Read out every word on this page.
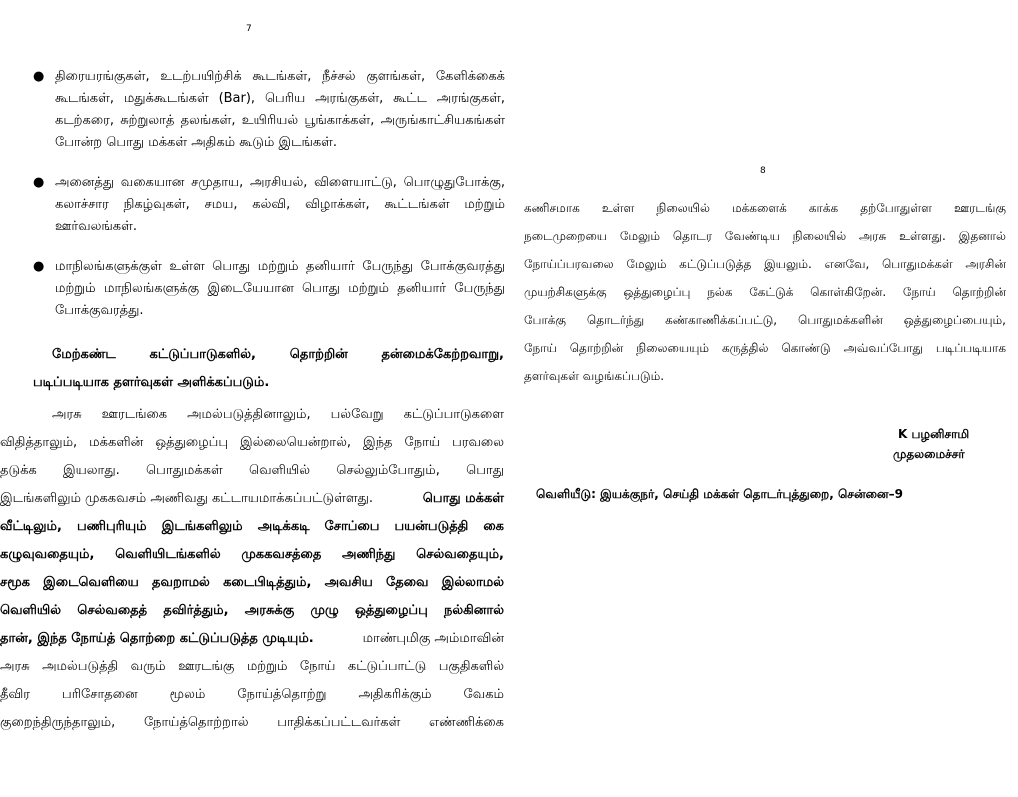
7
● திரையரங்குகள், உடற்பயிற்சிக் கூடங்கள், நீச்சல் குளங்கள், கேளிக்கைக் கூடங்கள், மதுக்கூடங்கள் (Bar), பெரிய அரங்குகள், கூட்ட அரங்குகள், கடற்கரை, சுற்றுலாத் தலங்கள், உயிரியல் பூங்காக்கள், அருங்காட்சியகங்கள் போன்ற பொது மக்கள் அதிகம் கூடும் இடங்கள்.
● அனைத்து வகையான சமுதாய, அரசியல், விளையாட்டு, பொழுதுபோக்கு, கலாச்சார நிகழ்வுகள், சமய, கல்வி, விழாக்கள், கூட்டங்கள் மற்றும் ஊர்வலங்கள்.
● மாநிலங்களுக்குள் உள்ள பொது மற்றும் தனியார் பேருந்து போக்குவரத்து மற்றும் மாநிலங்களுக்கு இடையேயான பொது மற்றும் தனியார் பேருந்து போக்குவரத்து.
மேற்கண்ட கட்டுப்பாடுகளில், தொற்றின் தன்மைக்கேற்றவாறு,
படிப்படியாக தளர்வுகள் அளிக்கப்படும்.
அரசு ஊரடங்கை அமல்படுத்தினாலும், பல்வேறு கட்டுப்பாடுகளை
விதித்தாலும், மக்களின் ஒத்துழைப்பு இல்லையென்றால், இந்த நோய் பரவலை
தடுக்க இயலாது. பொதுமக்கள் வெளியில் செல்லும்போதும், பொது
இடங்களிலும் முககவசம் அணிவது கட்டாயமாக்கப்பட்டுள்ளது.	பொது மக்கள்
வீட்டிலும், பணிபுரியும் இடங்களிலும் அடிக்கடி சோப்பை பயன்படுத்தி கை
கழுவுவதையும், வெளியிடங்களில் முககவசத்தை அணிந்து செல்வதையும்,
சமூக இடைவெளியை தவறாமல் கடைபிடித்தும், அவசிய தேவை இல்லாமல்
வெளியில் செல்வதைத் தவிர்த்தும், அரசுக்கு முழு ஒத்துழைப்பு நல்கினால்
தான், இந்த நோய்த் தொற்றை கட்டுப்படுத்த முடியும்.	மாண்புமிகு அம்மாவின்
அரசு அமல்படுத்தி வரும் ஊரடங்கு மற்றும் நோய் கட்டுப்பாட்டு பகுதிகளில்
தீவிர பரிசோதனை மூலம் நோய்த்தொற்று அதிகரிக்கும் வேகம்
குறைந்திருந்தாலும், நோய்த்தொற்றால் பாதிக்கப்பட்டவர்கள் எண்ணிக்கை
8
கணிசமாக உள்ள நிலையில் மக்களைக் காக்க தற்போதுள்ள ஊரடங்கு
நடைமுறையை மேலும் தொடர வேண்டிய நிலையில் அரசு உள்ளது. இதனால்
நோய்ப்பரவலை மேலும் கட்டுப்படுத்த இயலும். எனவே, பொதுமக்கள் அரசின்
முயற்சிகளுக்கு ஒத்துழைப்பு நல்க கேட்டுக் கொள்கிறேன். நோய் தொற்றின்
போக்கு தொடர்ந்து கண்காணிக்கப்பட்டு, பொதுமக்களின் ஒத்துழைப்பையும்,
நோய் தொற்றின் நிலையையும் கருத்தில் கொண்டு அவ்வப்போது படிப்படியாக
தளர்வுகள் வழங்கப்படும்.
K பழனிசாமி
முதலமைச்சர்
வெளியீடு: இயக்குநர், செய்தி மக்கள் தொடர்புத்துறை, சென்னை–9
